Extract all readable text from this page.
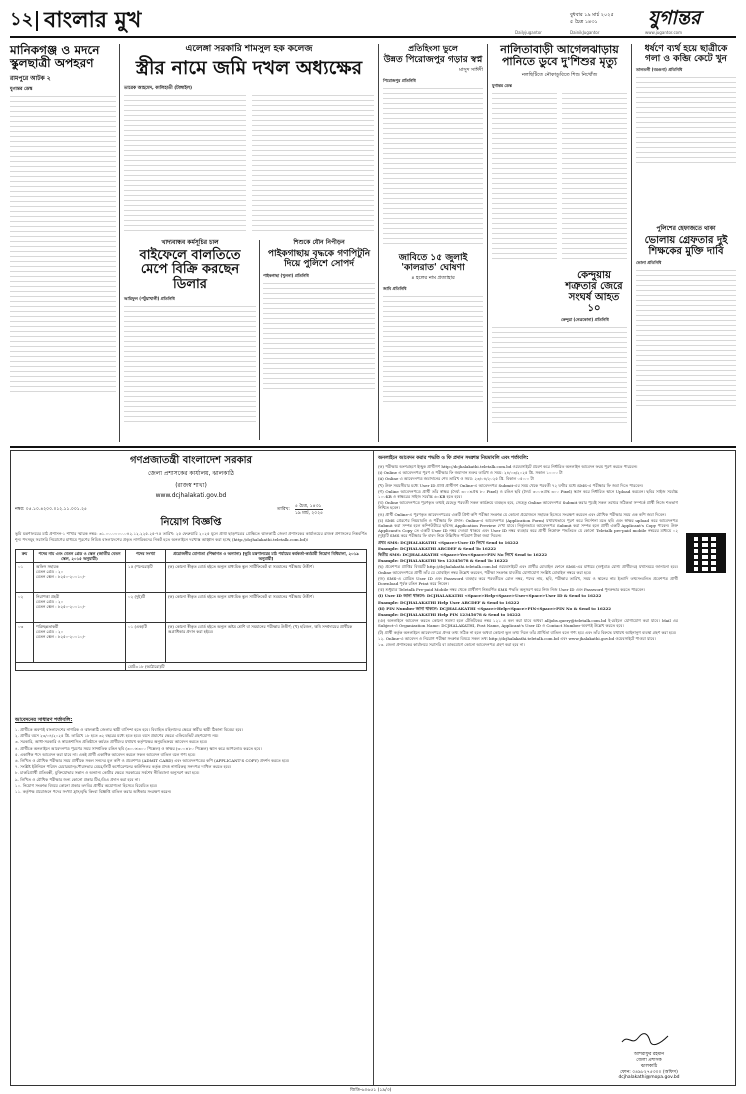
১২ বাংলার মুখ	বুধবার ১৯ মার্চ ২০২৫
৫ চৈত্র ১৪৩১	যুগান্তর
Dailyjugantor	DainikJugantor	www.jugantor.com
মানিকগঞ্জ ও মদনে স্কুলছাত্রী অপহরণ
রামপুরে আটক ২
যুগান্তর ডেস্ক
এলেঙ্গা সরকারি শামসুল হক কলেজ
স্ত্রীর নামে জমি দখল অধ্যক্ষের
তারেক আহমেদ, কালিহাতী (টাঙ্গাইল)
খাদ্যবান্ধব কর্মসূচির চাল
বাইফেলে বালতিতে মেপে বিক্রি করছেন ডিলার
আরিফুল (পটুয়াখালী) প্রতিনিধি
শিশুকে যৌন নিপীড়ন
পাইকগাছায় বৃদ্ধকে গণপিটুনি দিয়ে পুলিশে সোপর্দ
পাইকগাছা (খুলনা) প্রতিনিধি
প্রতিহিংসা ভুলে
উন্নত পিরোজপুর গড়ার স্বপ্ন
মাসুদ সাঈদী
পিরোজপুর প্রতিনিধি
জাবিতে ১৫ জুলাই 'কালরাত' ঘোষণা
৪ হলের নাম প্রত্যাহার
জাবি প্রতিনিধি
নালিতাবাড়ী আগেলঝাড়ায় পানিতে ডুবে দু'শিশুর মৃত্যু
নলছিটিতে নৌকাডুবিতে শিশু নিখোঁজ
যুগান্তর ডেস্ক
কেন্দুয়ায় শত্রুতার জেরে সংঘর্ষ আহত ১০
কেন্দুয়া (নেত্রকোনা) প্রতিনিধি
ধর্ষণে ব্যর্থ হয়ে ছাত্রীকে গলা ও কব্জি কেটে খুন
তালতলী (বরগুনা) প্রতিনিধি
পুলিশের হেফাজতে থাকা
ভোলায় গ্রেফতার দুই শিক্ষকের মুক্তি দাবি
ভোলা প্রতিনিধি
গণপ্রজাতন্ত্রী বাংলাদেশ সরকার
জেলা প্রশাসকের কার্যালয়, ঝালকাঠি
(রাজস্ব শাখা)
www.dcjhalakati.gov.bd
নম্বর: ০৫.১০.৪২০০.০১২.১১.০০১.২৫	তারিখ:
৫ চৈত্র, ১৪৩১
১৯ মার্চ, ২০২৫
নিয়োগ বিজ্ঞপ্তি
ভূমি মন্ত্রণালয়ের মাঠ প্রশাসন-১ শাখার স্মারক নম্বর: ৩১.০০.০০০০.০৪২.১২.২২৫.২৫-৭৫ তারিখ: ২৫ ফেব্রুয়ারি ২০২৫ মূলে প্রাপ্ত ছাড়পত্রের প্রেক্ষিতে ঝালকাঠি জেলা প্রশাসকের কার্যালয়ের রাজস্ব প্রশাসনের নিম্নবর্ণিত শূন্য পদসমূহ সরাসরি নিয়োগের মাধ্যমে পূরণের নিমিত্ত বাংলাদেশের প্রকৃত নাগরিকদের নিকট হতে অনলাইনে দরখাস্ত আহ্বান করা হচ্ছে (http://dcjhalakathi.teletalk.com.bd)।
ক্রম	পদের নাম এবং বেতন গ্রেড ও স্কেল (জাতীয় বেতন স্কেল, ২০১৫ অনুযায়ী)	পদের সংখ্যা	প্রয়োজনীয় যোগ্যতা (শিক্ষাগত ও অন্যান্য) [ভূমি মন্ত্রণালয়ের মাঠ পর্যায়ের কর্মকর্তা-কর্মচারী নিয়োগ বিধিমালা, ২০১৯ অনুযায়ী]
০১	অফিস সহায়ক
বেতন গ্রেড : ২০
বেতন স্কেল : ৮২৫০-২০০১০/-	১৫ (পনেরো)টি	(ক) কোনো স্বীকৃত বোর্ড হইতে অন্যূন মাধ্যমিক স্কুল সার্টিফিকেট বা সমমানের পরীক্ষায় উত্তীর্ণ।
০২	নিরাপত্তা প্রহরী
বেতন গ্রেড : ২০
বেতন স্কেল : ৮২৫০-২০০১০/-	০২ (দুই)টি	(ক) কোনো স্বীকৃত বোর্ড হইতে অন্যূন মাধ্যমিক স্কুল সার্টিফিকেট বা সমমানের পরীক্ষায় উত্তীর্ণ।
০৩	পরিচ্ছন্নতাকর্মী
বেতন গ্রেড : ২০
বেতন স্কেল : ৮২৫০-২০০১০/-	০১ (এক)টি	(ক) কোনো স্বীকৃত বোর্ড হইতে অন্যূন অষ্টম শ্রেণি বা সমমানের পরীক্ষায় উত্তীর্ণ; (খ) হরিজন, ঋষি সম্প্রদায়ের প্রার্থীকে অগ্রাধিকার প্রদান করা হইবে।
		মোট=১৮ (আঠারো)টি	
আবেদনের সাধারণ শর্তাবলি:
১. প্রার্থীকে অবশ্যই বাংলাদেশের নাগরিক ও ঝালকাঠি জেলার স্থায়ী বাসিন্দা হতে হবে। বিবাহিত মহিলাদের ক্ষেত্রে স্বামীর স্থায়ী ঠিকানা বিবেচ্য হবে।
২. প্রার্থীর বয়স ২৩/০৪/২০২৫ খ্রি. তারিখে ১৮ হতে ৩২ বছরের মধ্যে হতে হবে। বয়স প্রমাণের ক্ষেত্রে এফিডেভিট গ্রহণযোগ্য নয়।
৩. সরকারি, আধা-সরকারি ও স্বায়ত্তশাসিত প্রতিষ্ঠানে কর্মরত প্রার্থীদের যথাযথ কর্তৃপক্ষের অনুমতিক্রমে আবেদন করতে হবে।
৪. প্রার্থীকে অনলাইনে আবেদনপত্র পূরণের সময় সাম্প্রতিক রঙিন ছবি (৩০০×৩০০ পিক্সেল) ও স্বাক্ষর (৩০০×৮০ পিক্সেল) স্ক্যান করে আপলোড করতে হবে।
৫. একাধিক পদে আবেদন করা যাবে না। একই প্রার্থী একাধিক আবেদন করলে সকল আবেদন বাতিল বলে গণ্য হবে।
৬. লিখিত ও মৌখিক পরীক্ষার সময় প্রার্থীকে সকল সনদের মূল কপি ও প্রবেশপত্র (ADMIT CARD) এবং আবেদনপত্রের কপি (APPLICANT'S COPY) প্রদর্শন করতে হবে।
৭. সংশ্লিষ্ট ইউনিয়ন পরিষদ চেয়ারম্যান/পৌরসভার মেয়র/সিটি কর্পোরেশনের কাউন্সিলর কর্তৃক প্রদত্ত নাগরিকত্ব সনদপত্র দাখিল করতে হবে।
৮. চাকরিপ্রার্থী প্রতিবন্ধী, মুক্তিযোদ্ধার সন্তান ও অন্যান্য কোটার ক্ষেত্রে সরকারের সর্বশেষ নীতিমালা অনুসরণ করা হবে।
৯. লিখিত ও মৌখিক পরীক্ষার জন্য কোনো প্রকার টিএ/ডিএ প্রদান করা হবে না।
১০. নিয়োগ সংক্রান্ত বিষয়ে কোনো প্রকার তদবির প্রার্থীর অযোগ্যতা হিসেবে বিবেচিত হবে।
১১. কর্তৃপক্ষ প্রয়োজনে পদের সংখ্যা হ্রাস/বৃদ্ধি কিংবা বিজ্ঞপ্তি বাতিল করার অধিকার সংরক্ষণ করেন।
অনলাইনে আবেদন করার পদ্ধতি ও ফি প্রদান সংক্রান্ত নিয়মাবলি এবং শর্তাবলি:
(ক) পরীক্ষায় অংশগ্রহণে ইচ্ছুক প্রার্থীগণ http://dcjhalakathi.teletalk.com.bd ওয়েবসাইটে প্রবেশ করে নির্ধারিত অনলাইন আবেদন ফরম পূরণ করতে পারবেন।
(i) Online এ আবেদনপত্র পূরণ ও পরীক্ষার ফি জমাদান শুরুর তারিখ ও সময়: ২৪/০৩/২০২৫ খ্রি. সকাল ১০:০০ টা
(ii) Online এ আবেদনপত্র জমাদানের শেষ তারিখ ও সময়: ২৩/০৪/২০২৫ খ্রি. বিকাল ০৫:০০ টা
(খ) উক্ত সময়সীমার মধ্যে User ID প্রাপ্ত প্রার্থীগণ Online-এ আবেদনপত্র Submit-এর সময় থেকে পরবর্তী ৭২ ঘণ্টার মধ্যে SMS-এ পরীক্ষার ফি জমা দিতে পারবেন।
(গ) Online আবেদনপত্রে প্রার্থী তাঁর স্বাক্ষর (দৈর্ঘ্য ৩০০×প্রস্থ ৮০ Pixel) ও রঙিন ছবি (দৈর্ঘ্য ৩০০×প্রস্থ ৩০০ Pixel) স্ক্যান করে নির্ধারিত স্থানে Upload করবেন। ছবির সাইজ সর্বোচ্চ ১০০KB ও স্বাক্ষরের সাইজ সর্বোচ্চ ৬০KB হতে হবে।
(ঘ) Online আবেদনপত্রে পূরণকৃত তথ্যই যেহেতু পরবর্তী সকল কার্যক্রমে ব্যবহৃত হবে, সেহেতু Online আবেদনপত্র Submit করার পূর্বেই সকল তথ্যের সঠিকতা সম্পর্কে প্রার্থী নিজে শতভাগ নিশ্চিত হবেন।
(ঙ) প্রার্থী Online-এ পূরণকৃত আবেদনপত্রের একটি প্রিন্ট কপি পরীক্ষা সংক্রান্ত যে কোনো প্রয়োজনে সহায়ক হিসেবে সংরক্ষণ করবেন এবং মৌখিক পরীক্ষার সময় এক কপি জমা দিবেন।
(চ) SMS প্রেরণের নিয়মাবলি ও পরীক্ষার ফি প্রদান: Online-এ আবেদনপত্র (Application Form) যথাযথভাবে পূরণ করে নির্দেশনা মতে ছবি এবং স্বাক্ষর upload করে আবেদনপত্র Submit করা সম্পন্ন হলে কম্পিউটারে ছবিসহ Application Preview দেখা যাবে। নির্ভুলভাবে আবেদনপত্র Submit করা সম্পন্ন হলে প্রার্থী একটি Applicant's Copy পাবেন। উক্ত Applicant's Copy তে একটি User ID নম্বর দেওয়া থাকবে এবং User ID নম্বর ব্যবহার করে প্রার্থী নিম্নোক্ত পদ্ধতিতে যে কোনো Teletalk pre-paid mobile নম্বরের মাধ্যমে ০২ (দুই)টি SMS করে পরীক্ষার ফি বাবদ নিম্নে উল্লিখিত পরিমাণ টাকা জমা দিবেন।
প্রথম SMS: DCJHALAKATHI <Space>User ID লিখে Send to 16222
Example: DCJHALAKATHI ABCDEF & Send To 16222
দ্বিতীয় SMS: DCJHALAKATHI <Space>Yes<Space>PIN No লিখে Send to 16222
Example: DCJHALAKATHI Yes 12345678 & Send To 16222
(ছ) প্রবেশপত্র প্রাপ্তির বিষয়টি http://dcjhalakathi.teletalk.com.bd ওয়েবসাইটে এবং প্রার্থীর মোবাইল ফোনে SMS-এর মাধ্যমে (শুধুমাত্র যোগ্য প্রার্থীদের) যথাসময়ে জানানো হবে। Online আবেদনপত্রে প্রার্থী তাঁর যে মোবাইল নম্বর উল্লেখ করবেন, পরীক্ষা সংক্রান্ত যাবতীয় যোগাযোগ সংশ্লিষ্ট মোবাইল নম্বরে করা হবে।
(জ) SMS-এ প্রেরিত User ID এবং Password ব্যবহার করে পরবর্তীতে রোল নম্বর, পদের নাম, ছবি, পরীক্ষার তারিখ, সময় ও স্থানের নাম ইত্যাদি তথ্যসংবলিত প্রবেশপত্র প্রার্থী Download পূর্বক রঙিন Print করে নিবেন।
(ঝ) শুধুমাত্র Teletalk Pre-paid Mobile নম্বর থেকে প্রার্থীগণ নিম্নবর্ণিত SMS পদ্ধতি অনুসরণ করে নিজ নিজ User ID এবং Password পুনরুদ্ধার করতে পারবেন।
(i) User ID জানা থাকলে: DCJHALAKATHI <Space>Help<Space>User<Space>User ID & Send to 16222
Example: DCJHALAKATHI Help User ABCDEF & Send to 16222
(ii) PIN Number জানা থাকলে: DCJHALAKATHI <Space>Help<Space>PIN<Space>PIN No & Send to 16222
Example: DCJHALAKATHI Help PIN 12345678 & Send to 16222
(ঞ) অনলাইনে আবেদন করতে কোনো সমস্যা হলে টেলিটকের নম্বর ১২১ এ কল করা যাবে অথবা alljobs.query@teletalk.com.bd ই-মেইলে যোগাযোগ করা যাবে। Mail এর Subject-এ Organization Name: DCJHALAKATHI, Post Name, Applicant's User ID ও Contact Number অবশ্যই উল্লেখ করতে হবে।
(ট) প্রার্থী কর্তৃক অনলাইনে আবেদনপত্রে প্রদত্ত তথ্য সঠিক না হলে অথবা কোনো ভুল তথ্য দিলে তাঁর প্রার্থিতা বাতিল বলে গণ্য হবে এবং তাঁর বিরুদ্ধে যথাযথ আইনানুগ ব্যবস্থা গ্রহণ করা হবে।
১২. Online-এ আবেদন ও নিয়োগ পরীক্ষা সংক্রান্ত বিষয়ে সকল তথ্য http://dcjhalakathi.teletalk.com.bd এবং www.jhalakathi.gov.bd ওয়েবসাইটে পাওয়া যাবে।
১৩. জেলা প্রশাসকের কার্যালয়ে সরাসরি বা ডাকযোগে কোনো আবেদনপত্র গ্রহণ করা হবে না।
আশরাফুর রহমান
জেলা প্রশাসক
ঝালকাঠি
ফোন: ০৪৯৮২৭৫৩০০ (অফিস)
dcjhalakathi@mopa.gov.bd
জিডি-৬০৬৫১ (১৯/৩)
